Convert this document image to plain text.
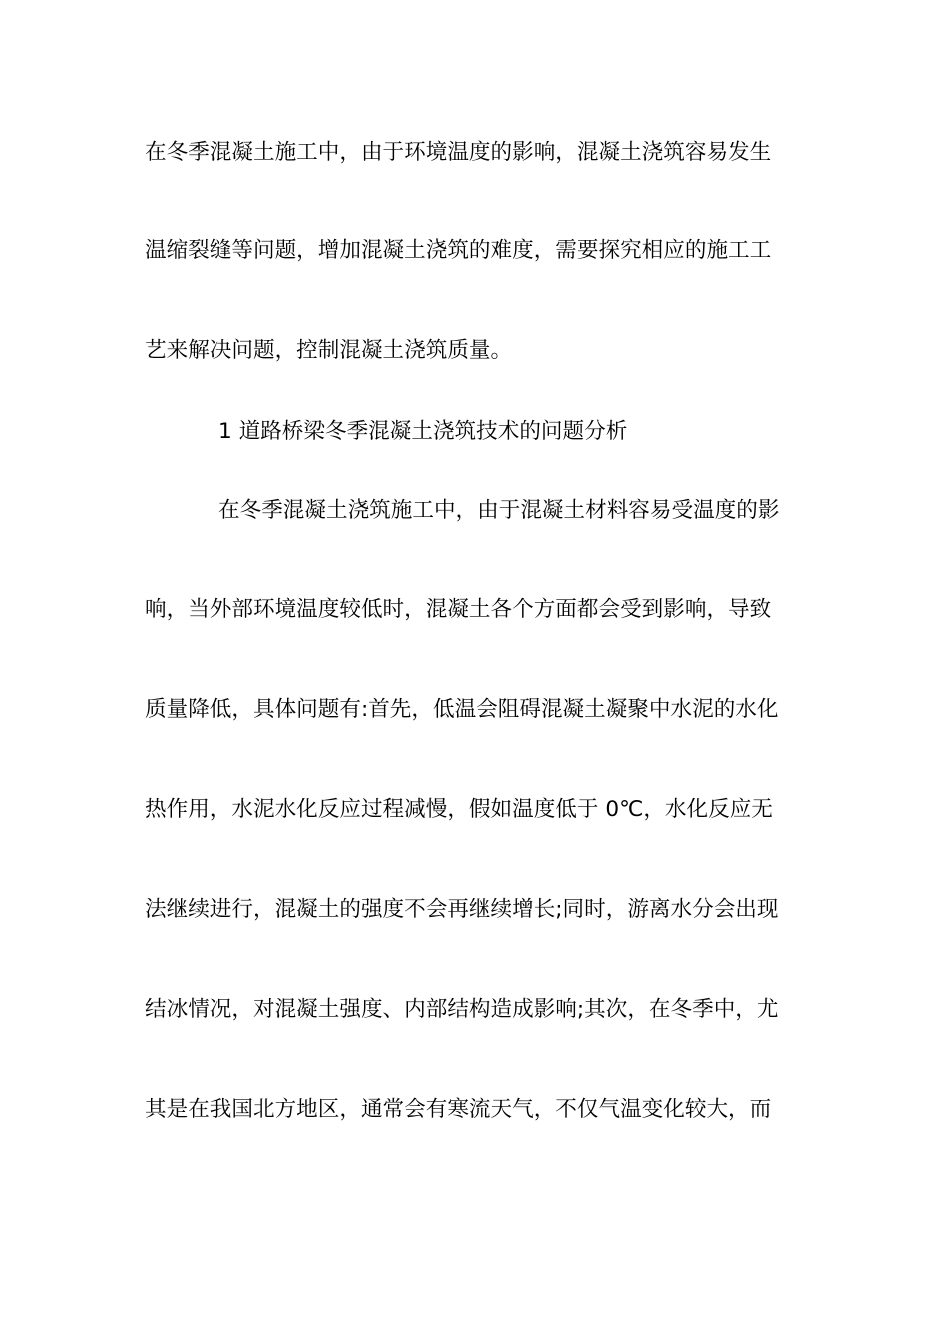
在冬季混凝土施工中，由于环境温度的影响，混凝土浇筑容易发生
温缩裂缝等问题，增加混凝土浇筑的难度，需要探究相应的施工工
艺来解决问题，控制混凝土浇筑质量。
1 道路桥梁冬季混凝土浇筑技术的问题分析
在冬季混凝土浇筑施工中，由于混凝土材料容易受温度的影
响，当外部环境温度较低时，混凝土各个方面都会受到影响，导致
质量降低，具体问题有:首先，低温会阻碍混凝土凝聚中水泥的水化
热作用，水泥水化反应过程减慢，假如温度低于 0℃，水化反应无
法继续进行，混凝土的强度不会再继续增长;同时，游离水分会出现
结冰情况，对混凝土强度、内部结构造成影响;其次，在冬季中，尤
其是在我国北方地区，通常会有寒流天气，不仅气温变化较大，而
